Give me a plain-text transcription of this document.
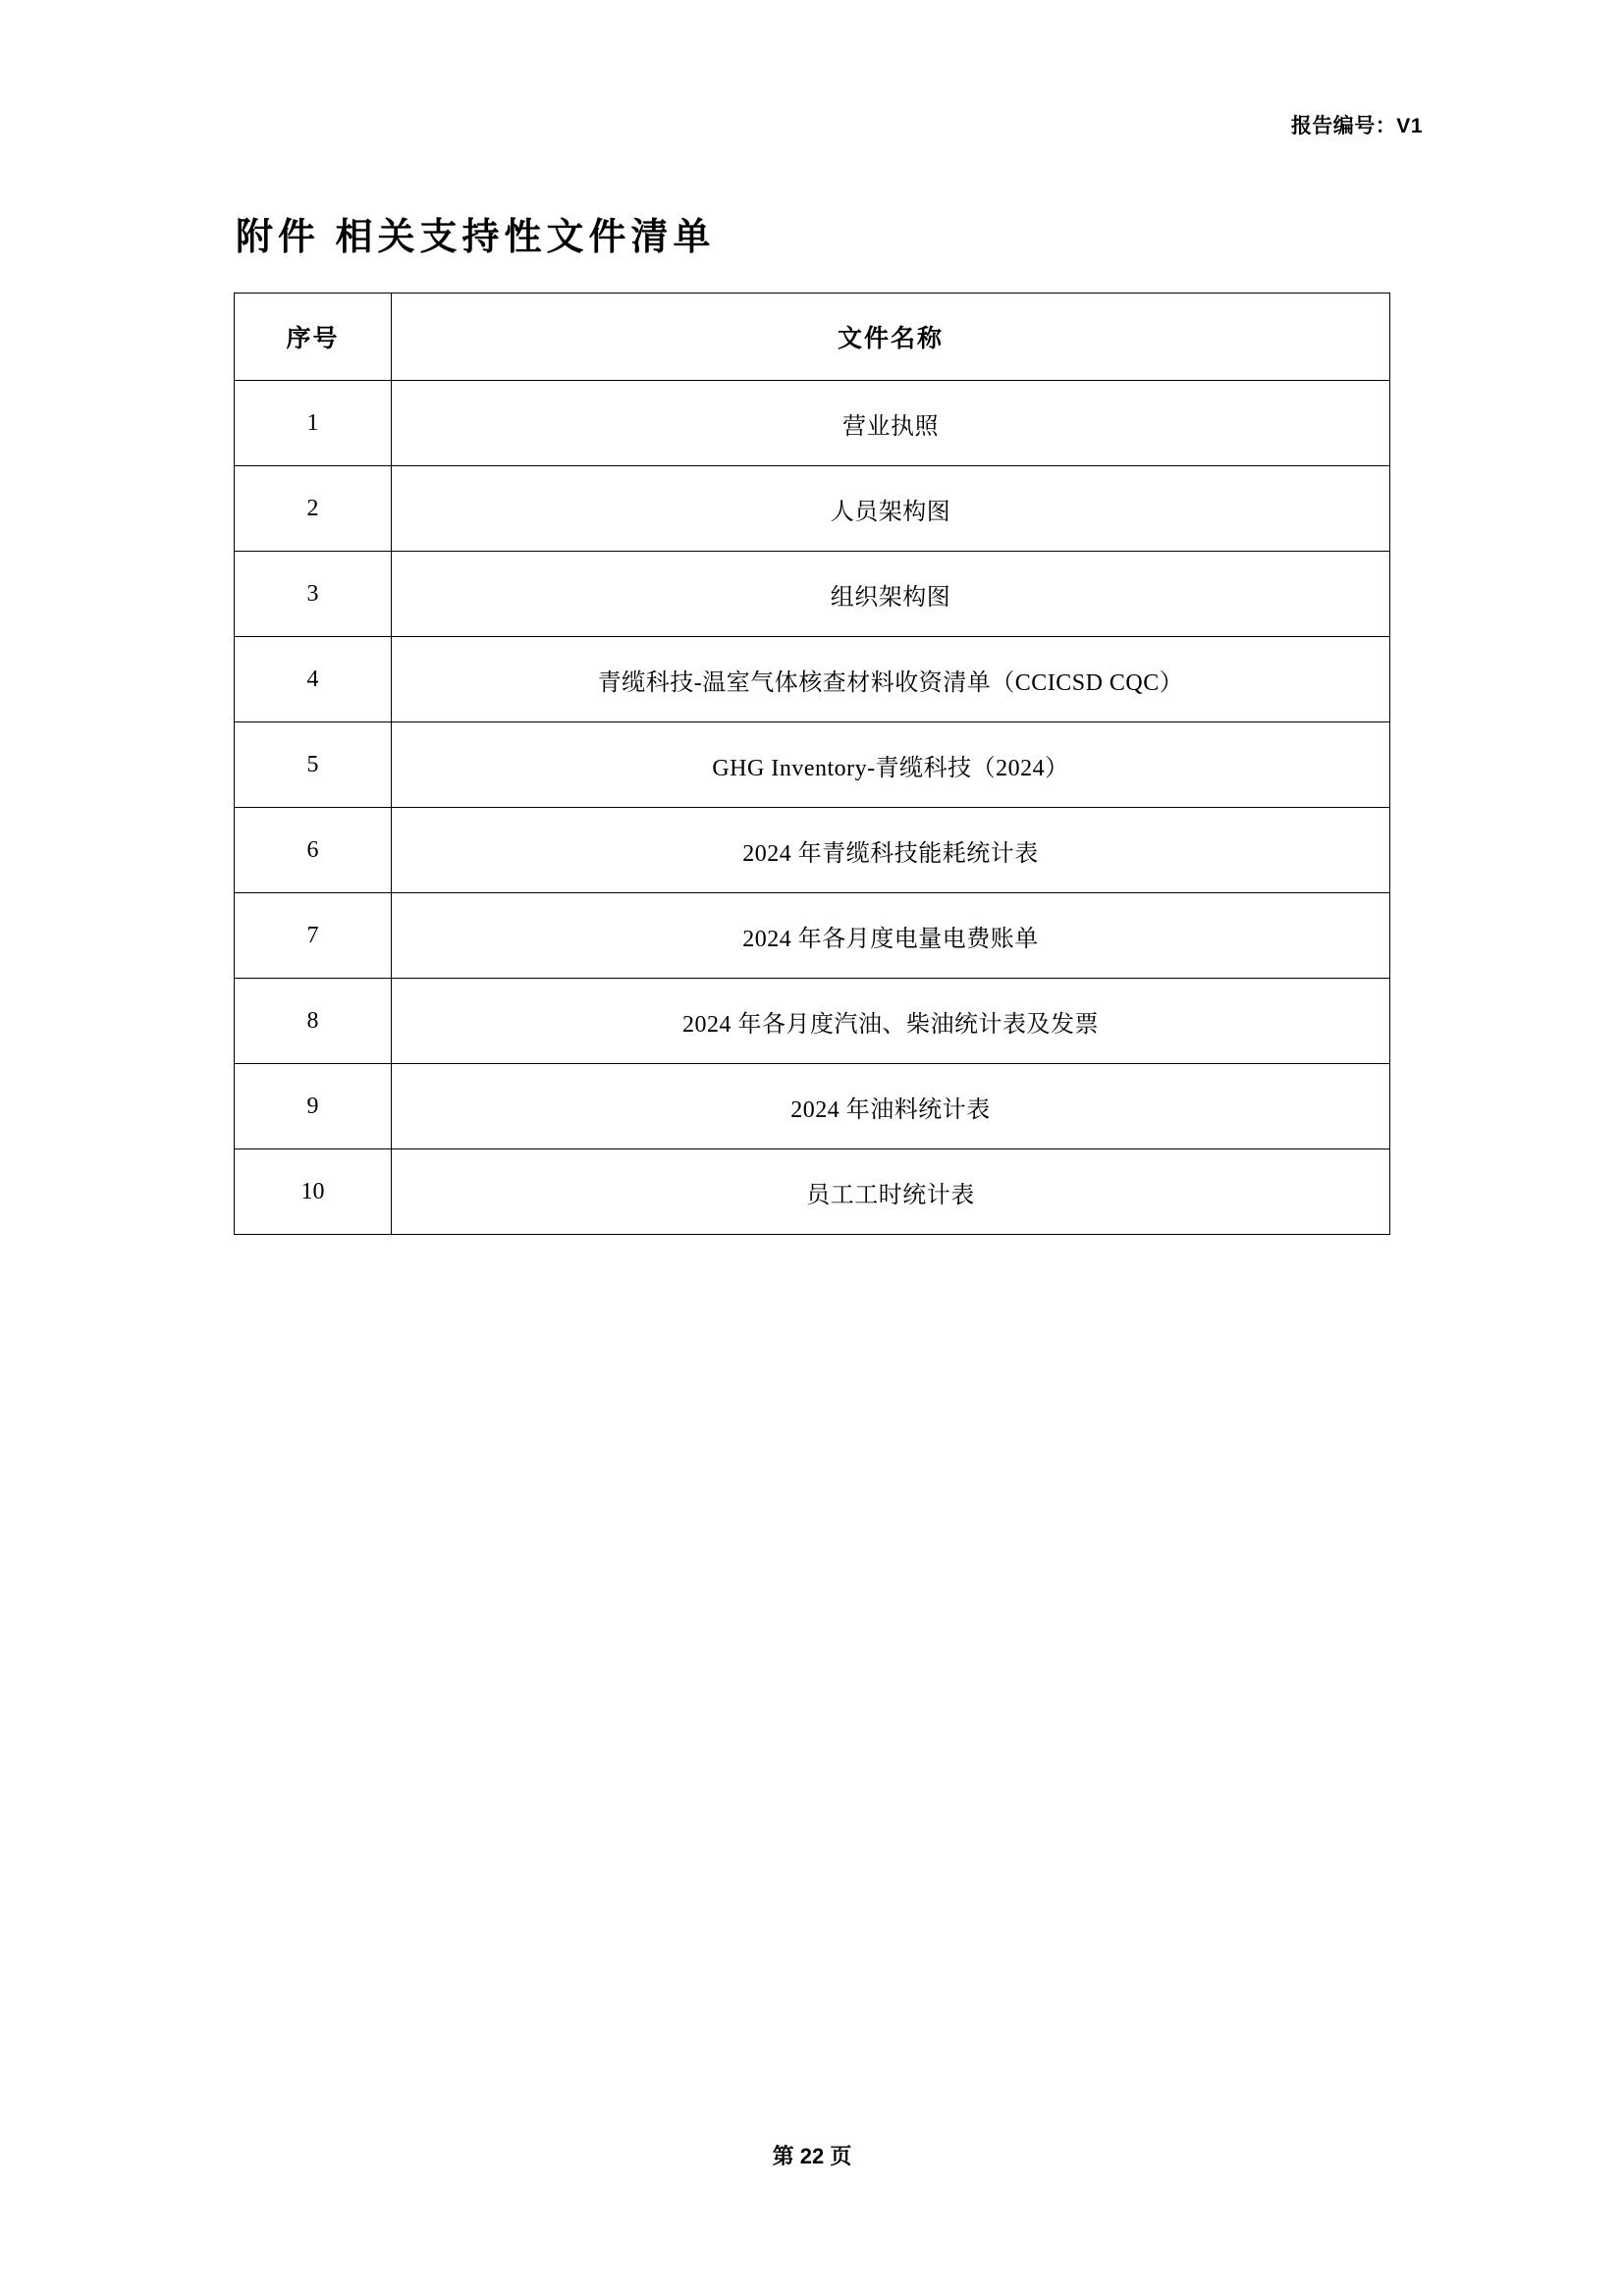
报告编号：V1
附件 相关支持性文件清单
序号	文件名称
1	营业执照
2	人员架构图
3	组织架构图
4	青缆科技-温室气体核查材料收资清单（CCICSD CQC）
5	GHG Inventory-青缆科技（2024）
6	2024 年青缆科技能耗统计表
7	2024 年各月度电量电费账单
8	2024 年各月度汽油、柴油统计表及发票
9	2024 年油料统计表
10	员工工时统计表
第 22 页
